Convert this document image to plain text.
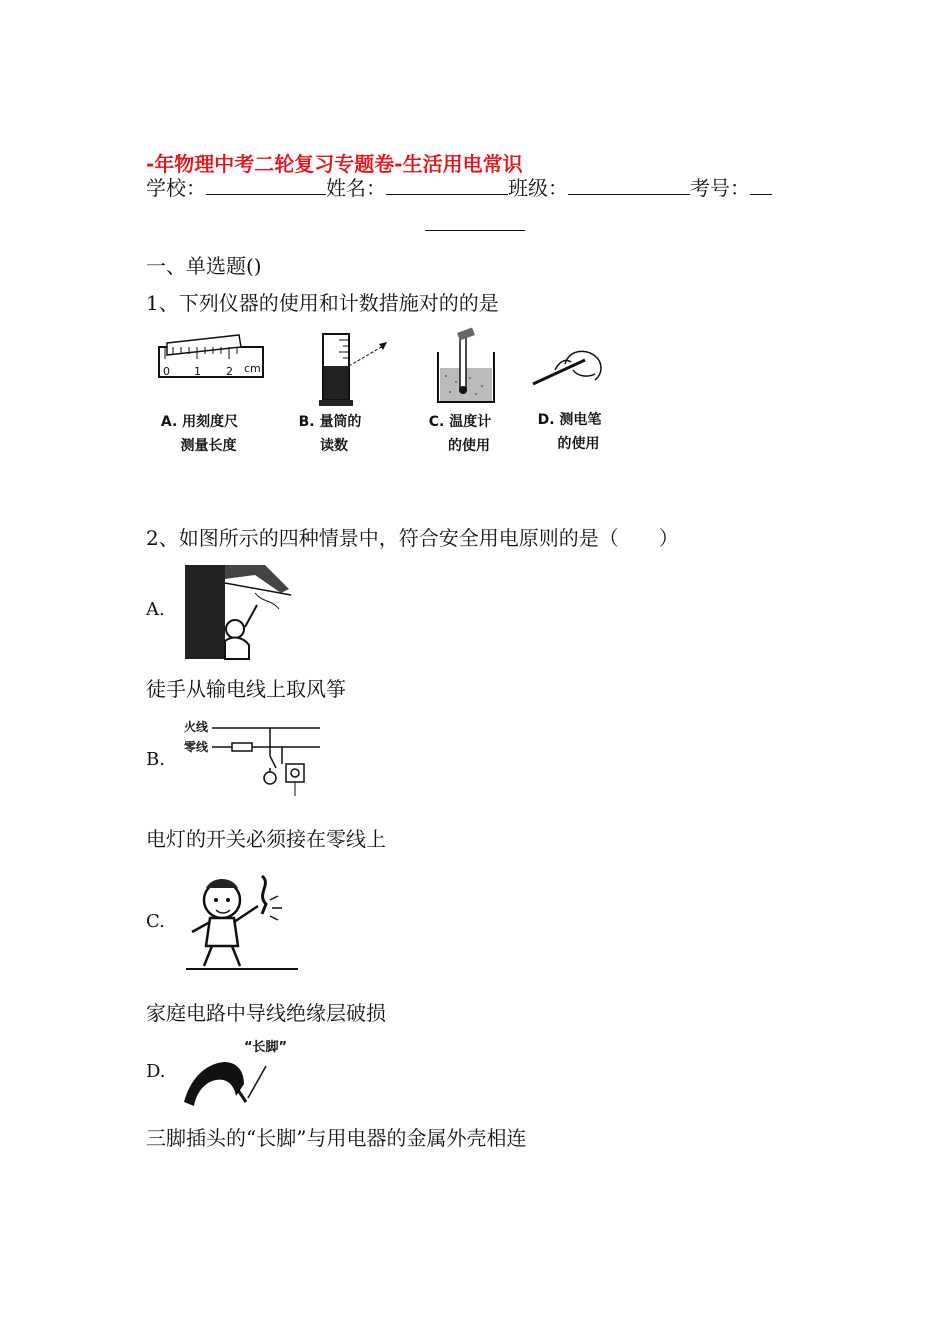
-年物理中考二轮复习专题卷-生活用电常识
学校：	姓名：	班级：	考号：
一、单选题()
1、下列仪器的使用和计数措施对的的是
0 1 2 cm
A. 用刻度尺
测量长度
B. 量筒的
读数
C. 温度计
的使用
D. 测电笔
的使用
2、如图所示的四种情景中，符合安全用电原则的是（　　）
A.
徒手从输电线上取风筝
B.
火线
零线
电灯的开关必须接在零线上
C.
家庭电路中导线绝缘层破损
D.
“长脚”
三脚插头的“长脚”与用电器的金属外壳相连
